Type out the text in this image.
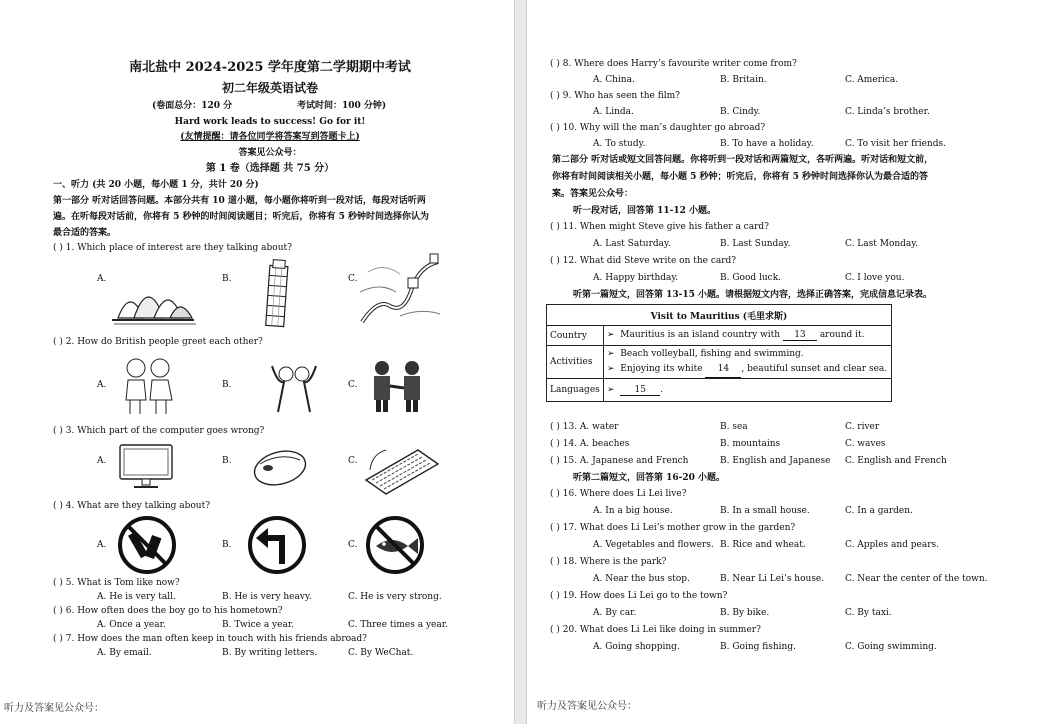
南北盐中 2024-2025 学年度第二学期期中考试
初二年级英语试卷
(卷面总分：120 分	考试时间：100 分钟)
Hard work leads to success! Go for it!
(友情提醒：请各位同学将答案写到答题卡上)
答案见公众号：
第 1 卷（选择题 共 75 分）
一、听力 (共 20 小题，每小题 1 分，共计 20 分)
第一部分 听对话回答问题。本部分共有 10 道小题，每小题你将听到一段对话，每段对话听两
遍。在听每段对话前，你将有 5 秒钟的时间阅读题目；听完后，你将有 5 秒钟时间选择你认为
最合适的答案。
( ) 1. Which place of interest are they talking about?
A.	B.	C.
( ) 2. How do British people greet each other?
A.	B.	C.
( ) 3. Which part of the computer goes wrong?
A.	B.	C.
( ) 4. What are they talking about?
A.	B.	C.
( ) 5. What is Tom like now?
A. He is very tall.	B. He is very heavy.	C. He is very strong.
( ) 6. How often does the boy go to his hometown?
A. Once a year.	B. Twice a year.	C. Three times a year.
( ) 7. How does the man often keep in touch with his friends abroad?
A. By email.	B. By writing letters.	C. By WeChat.
听力及答案见公众号：
( ) 8. Where does Harry’s favourite writer come from?
A. China.	B. Britain.	C. America.
( ) 9. Who has seen the film?
A. Linda.	B. Cindy.	C. Linda’s brother.
( ) 10. Why will the man’s daughter go abroad?
A. To study.	B. To have a holiday.	C. To visit her friends.
第二部分 听对话或短文回答问题。你将听到一段对话和两篇短文，各听两遍。听对话和短文前，
你将有时间阅读相关小题，每小题 5 秒钟；听完后，你将有 5 秒钟时间选择你认为最合适的答
案。答案见公众号：
听一段对话，回答第 11-12 小题。
( ) 11. When might Steve give his father a card?
A. Last Saturday.	B. Last Sunday.	C. Last Monday.
( ) 12. What did Steve write on the card?
A. Happy birthday.	B. Good luck.	C. I love you.
听第一篇短文，回答第 13-15 小题。请根据短文内容，选择正确答案，完成信息记录表。
Visit to Mauritius (毛里求斯)	
Country	➢ Mauritius is an island country with 13 around it.
Activities	➢ Beach volleyball, fishing and swimming.
➢ Enjoying its white 14 , beautiful sunset and clear sea.
Languages	➢ 15 .
( ) 13. A. water	B. sea	C. river
( ) 14. A. beaches	B. mountains	C. waves
( ) 15. A. Japanese and French	B. English and Japanese C. English and French
听第二篇短文，回答第 16-20 小题。
( ) 16. Where does Li Lei live?
A. In a big house.	B. In a small house.	C. In a garden.
( ) 17. What does Li Lei’s mother grow in the garden?
A. Vegetables and flowers. B. Rice and wheat.	C. Apples and pears.
( ) 18. Where is the park?
A. Near the bus stop.	B. Near Li Lei’s house. C. Near the center of the town.
( ) 19. How does Li Lei go to the town?
A. By car.	B. By bike.	C. By taxi.
( ) 20. What does Li Lei like doing in summer?
A. Going shopping.	B. Going fishing.	C. Going swimming.
听力及答案见公众号：
